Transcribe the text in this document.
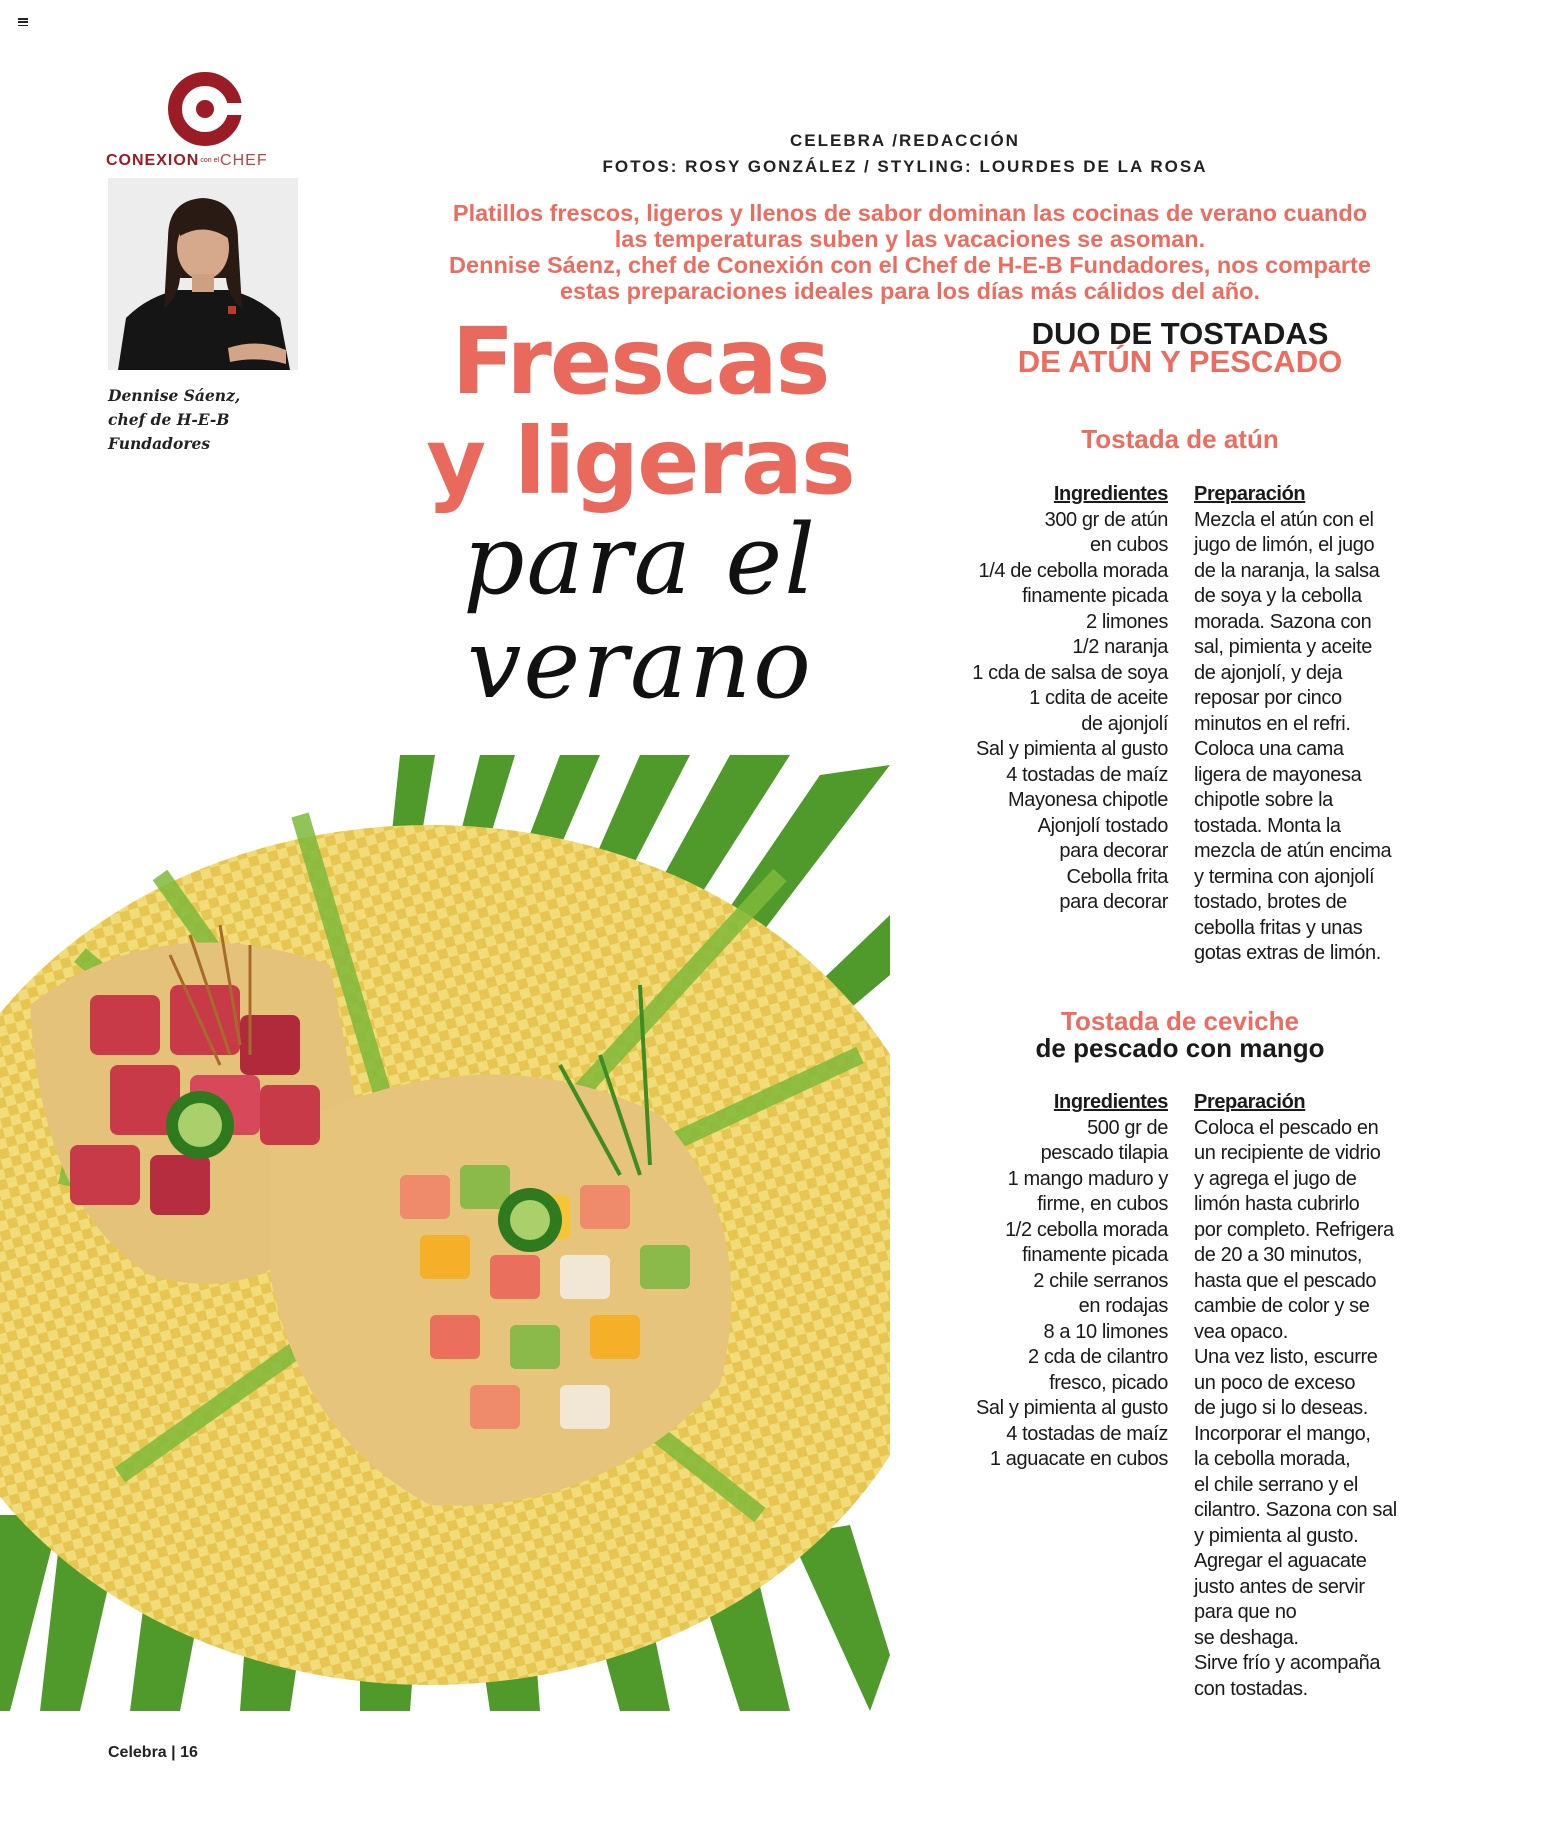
CONEXIONcon elCHEF
Dennise Sáenz,
chef de H-E-B
Fundadores
CELEBRA /REDACCIÓN
FOTOS: ROSY GONZÁLEZ / STYLING: LOURDES DE LA ROSA
Platillos frescos, ligeros y llenos de sabor dominan las cocinas de verano cuando
las temperaturas suben y las vacaciones se asoman.
Dennise Sáenz, chef de Conexión con el Chef de H-E-B Fundadores, nos comparte
estas preparaciones ideales para los días más cálidos del año.
Frescas
y ligeras
para el
verano
DUO DE TOSTADAS
DE ATÚN Y PESCADO
Tostada de atún
Ingredientes
300 gr de atún
en cubos
1/4 de cebolla morada
finamente picada
2 limones
1/2 naranja
1 cda de salsa de soya
1 cdita de aceite
de ajonjolí
Sal y pimienta al gusto
4 tostadas de maíz
Mayonesa chipotle
Ajonjolí tostado
para decorar
Cebolla frita
para decorar
Preparación
Mezcla el atún con el
jugo de limón, el jugo
de la naranja, la salsa
de soya y la cebolla
morada. Sazona con
sal, pimienta y aceite
de ajonjolí, y deja
reposar por cinco
minutos en el refri.
Coloca una cama
ligera de mayonesa
chipotle sobre la
tostada. Monta la
mezcla de atún encima
y termina con ajonjolí
tostado, brotes de
cebolla fritas y unas
gotas extras de limón.
Tostada de ceviche
de pescado con mango
Ingredientes
500 gr de
pescado tilapia
1 mango maduro y
firme, en cubos
1/2 cebolla morada
finamente picada
2 chile serranos
en rodajas
8 a 10 limones
2 cda de cilantro
fresco, picado
Sal y pimienta al gusto
4 tostadas de maíz
1 aguacate en cubos
Preparación
Coloca el pescado en
un recipiente de vidrio
y agrega el jugo de
limón hasta cubrirlo
por completo. Refrigera
de 20 a 30 minutos,
hasta que el pescado
cambie de color y se
vea opaco.
Una vez listo, escurre
un poco de exceso
de jugo si lo deseas.
Incorporar el mango,
la cebolla morada,
el chile serrano y el
cilantro. Sazona con sal
y pimienta al gusto.
Agregar el aguacate
justo antes de servir
para que no
se deshaga.
Sirve frío y acompaña
con tostadas.
Celebra | 16
